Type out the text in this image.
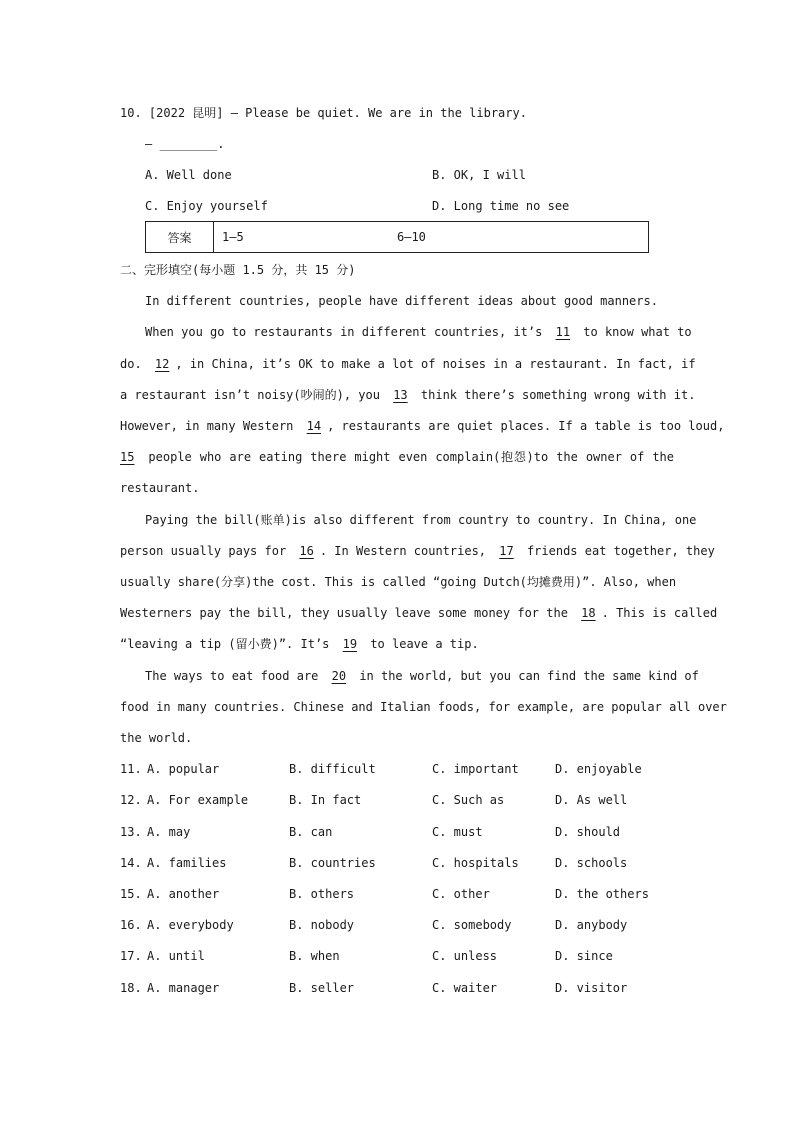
10. [2022 昆明] — Please be quiet. We are in the library.
— ________.
A. Well done	B. OK, I will
C. Enjoy yourself	D. Long time no see
答案	1—5	6—10
二、完形填空(每小题 1.5 分，共 15 分)
In different countries, people have different ideas about good manners.
When you go to restaurants in different countries, it’s 11 to know what to
do. 12 , in China, it’s OK to make a lot of noises in a restaurant. In fact, if
a restaurant isn’t noisy(吵闹的), you 13 think there’s something wrong with it.
However, in many Western 14 , restaurants are quiet places. If a table is too loud,
15 people who are eating there might even complain(抱怨)to the owner of the
restaurant.
Paying the bill(账单)is also different from country to country. In China, one
person usually pays for 16 . In Western countries, 17 friends eat together, they
usually share(分享)the cost. This is called “going Dutch(均摊费用)”. Also, when
Westerners pay the bill, they usually leave some money for the 18 . This is called
“leaving a tip (留小费)”. It’s 19 to leave a tip.
The ways to eat food are 20 in the world, but you can find the same kind of
food in many countries. Chinese and Italian foods, for example, are popular all over
the world.
11. A. popular	B. difficult	C. important	D. enjoyable
12. A. For example	B. In fact	C. Such as	D. As well
13. A. may	B. can	C. must	D. should
14. A. families	B. countries	C. hospitals	D. schools
15. A. another	B. others	C. other	D. the others
16. A. everybody	B. nobody	C. somebody	D. anybody
17. A. until	B. when	C. unless	D. since
18. A. manager	B. seller	C. waiter	D. visitor
